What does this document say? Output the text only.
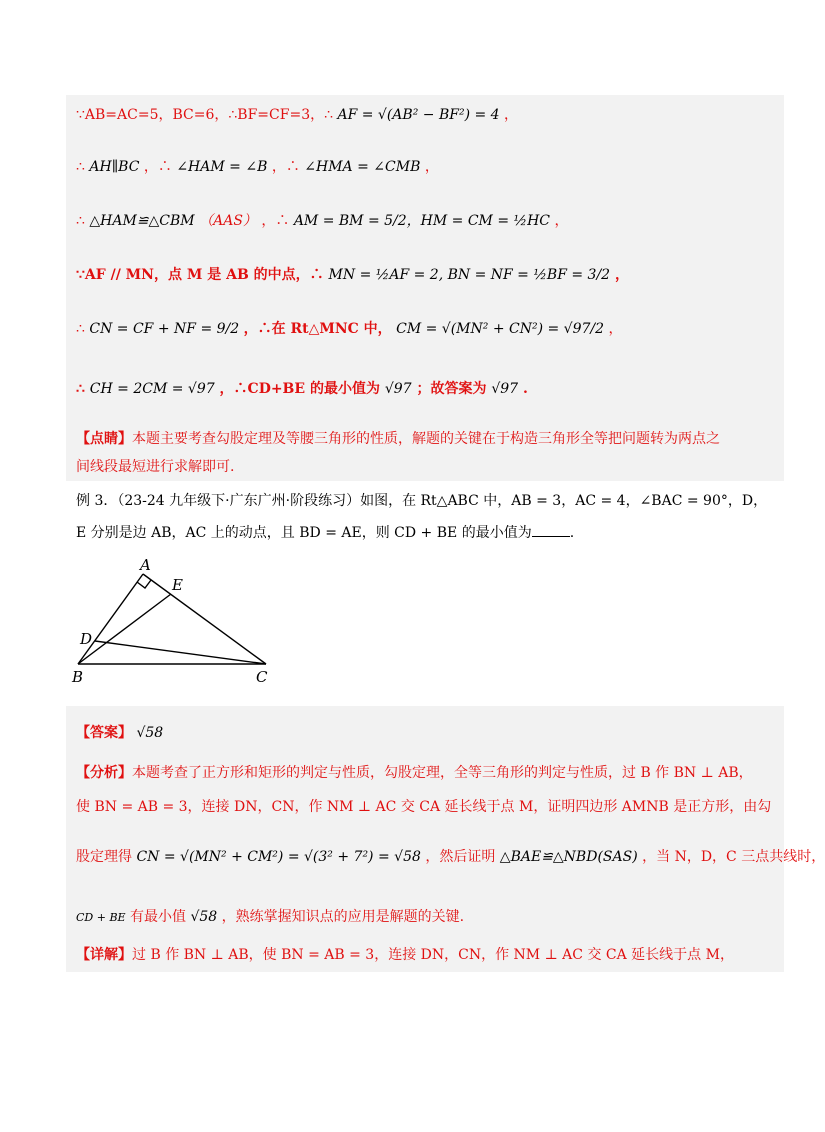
∵AB=AC=5，BC=6，∴BF=CF=3，∴ AF = √(AB² − BF²) = 4 ，
∴ AH∥BC ，∴ ∠HAM = ∠B ，∴ ∠HMA = ∠CMB ，
∴ △HAM≌△CBM （AAS） ，∴ AM = BM = 5/2，HM = CM = ½HC ，
∵AF // MN，点 M 是 AB 的中点，∴ MN = ½AF = 2, BN = NF = ½BF = 3/2 ，
∴ CN = CF + NF = 9/2 ，∴在 Rt△MNC 中， CM = √(MN² + CN²) = √97/2 ，
∴ CH = 2CM = √97 ，∴CD+BE 的最小值为 √97 ；故答案为 √97 .
【点睛】本题主要考查勾股定理及等腰三角形的性质，解题的关键在于构造三角形全等把问题转为两点之
间线段最短进行求解即可.
例 3．（23-24 九年级下·广东广州·阶段练习）如图，在 Rt△ABC 中，AB = 3，AC = 4，∠BAC = 90°，D，
E 分别是边 AB，AC 上的动点，且 BD = AE，则 CD + BE 的最小值为	.
A
E
D
B	C
【答案】 √58
【分析】本题考查了正方形和矩形的判定与性质，勾股定理，全等三角形的判定与性质，过 B 作 BN ⊥ AB，
使 BN = AB = 3，连接 DN，CN，作 NM ⊥ AC 交 CA 延长线于点 M，证明四边形 AMNB 是正方形，由勾
股定理得 CN = √(MN² + CM²) = √(3² + 7²) = √58 ，然后证明 △BAE≌△NBD(SAS) ，当 N，D，C 三点共线时，
CD + BE 有最小值 √58 ，熟练掌握知识点的应用是解题的关键.
【详解】过 B 作 BN ⊥ AB，使 BN = AB = 3，连接 DN，CN，作 NM ⊥ AC 交 CA 延长线于点 M，
